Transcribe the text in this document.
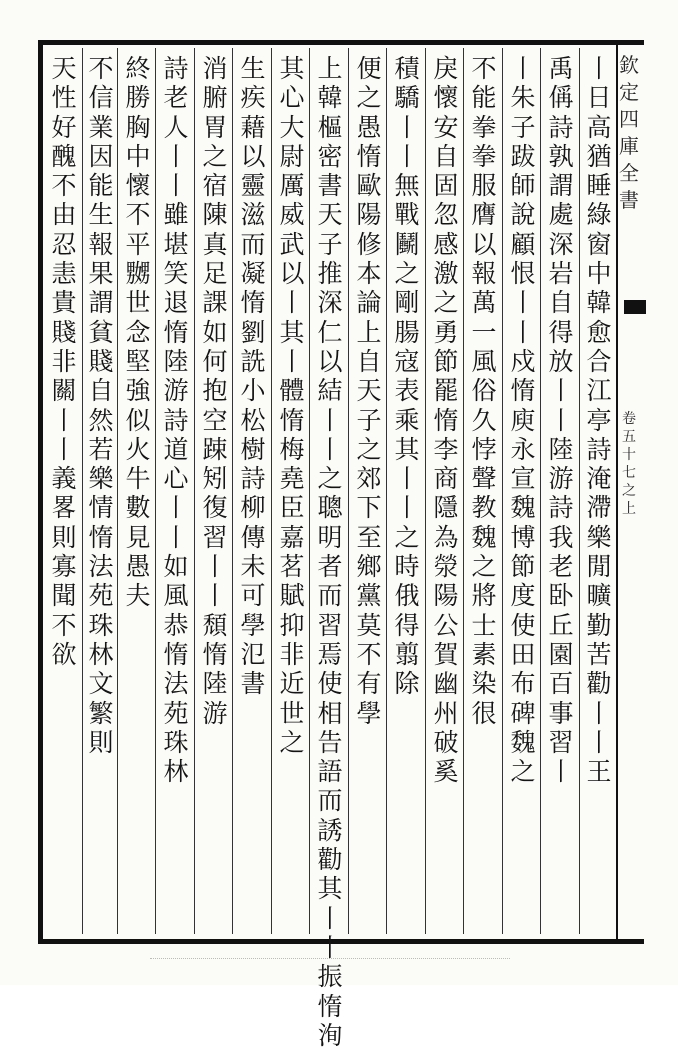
欽定四庫全書
卷五十七之上
丨日高猶睡綠窗中韓愈合江亭詩淹滯樂閒曠勤苦勸丨丨王
禹偁詩孰謂處深岩自得放丨丨陸游詩我老卧丘園百事習丨
丨朱子跋師說顧恨丨丨戍惰庾永宣魏博節度使田布碑魏之
不能拳拳服膺以報萬一風俗久悖聲教魏之將士素染很
戾懷安自固忽感激之勇節罷惰李商隱為滎陽公賀幽州破奚
積驕丨丨無戰鬭之剛腸寇表乘其丨丨之時俄得翦除
便之愚惰歐陽修本論上自天子之郊下至鄉黨莫不有學
上韓樞密書天子推深仁以結丨丨之聰明者而習焉使相告語而誘勸其丨丨振惰洵
其心大尉厲威武以丨其丨體惰梅堯臣嘉茗賦抑非近世之
生疾藉以靈滋而凝惰劉詵小松樹詩柳傳未可學氾書
消腑胃之宿陳真足課如何抱空踈矧復習丨丨頹惰陸游
詩老人丨丨雖堪笑退惰陸游詩道心丨丨如風恭惰法苑珠林
終勝胸中懷不平嬲世念堅強似火牛數見愚夫
不信業因能生報果謂貧賤自然若樂情惰法苑珠林文繁則
天性好醜不由忍恚貴賤非關丨丨義畧則寡聞不欲
